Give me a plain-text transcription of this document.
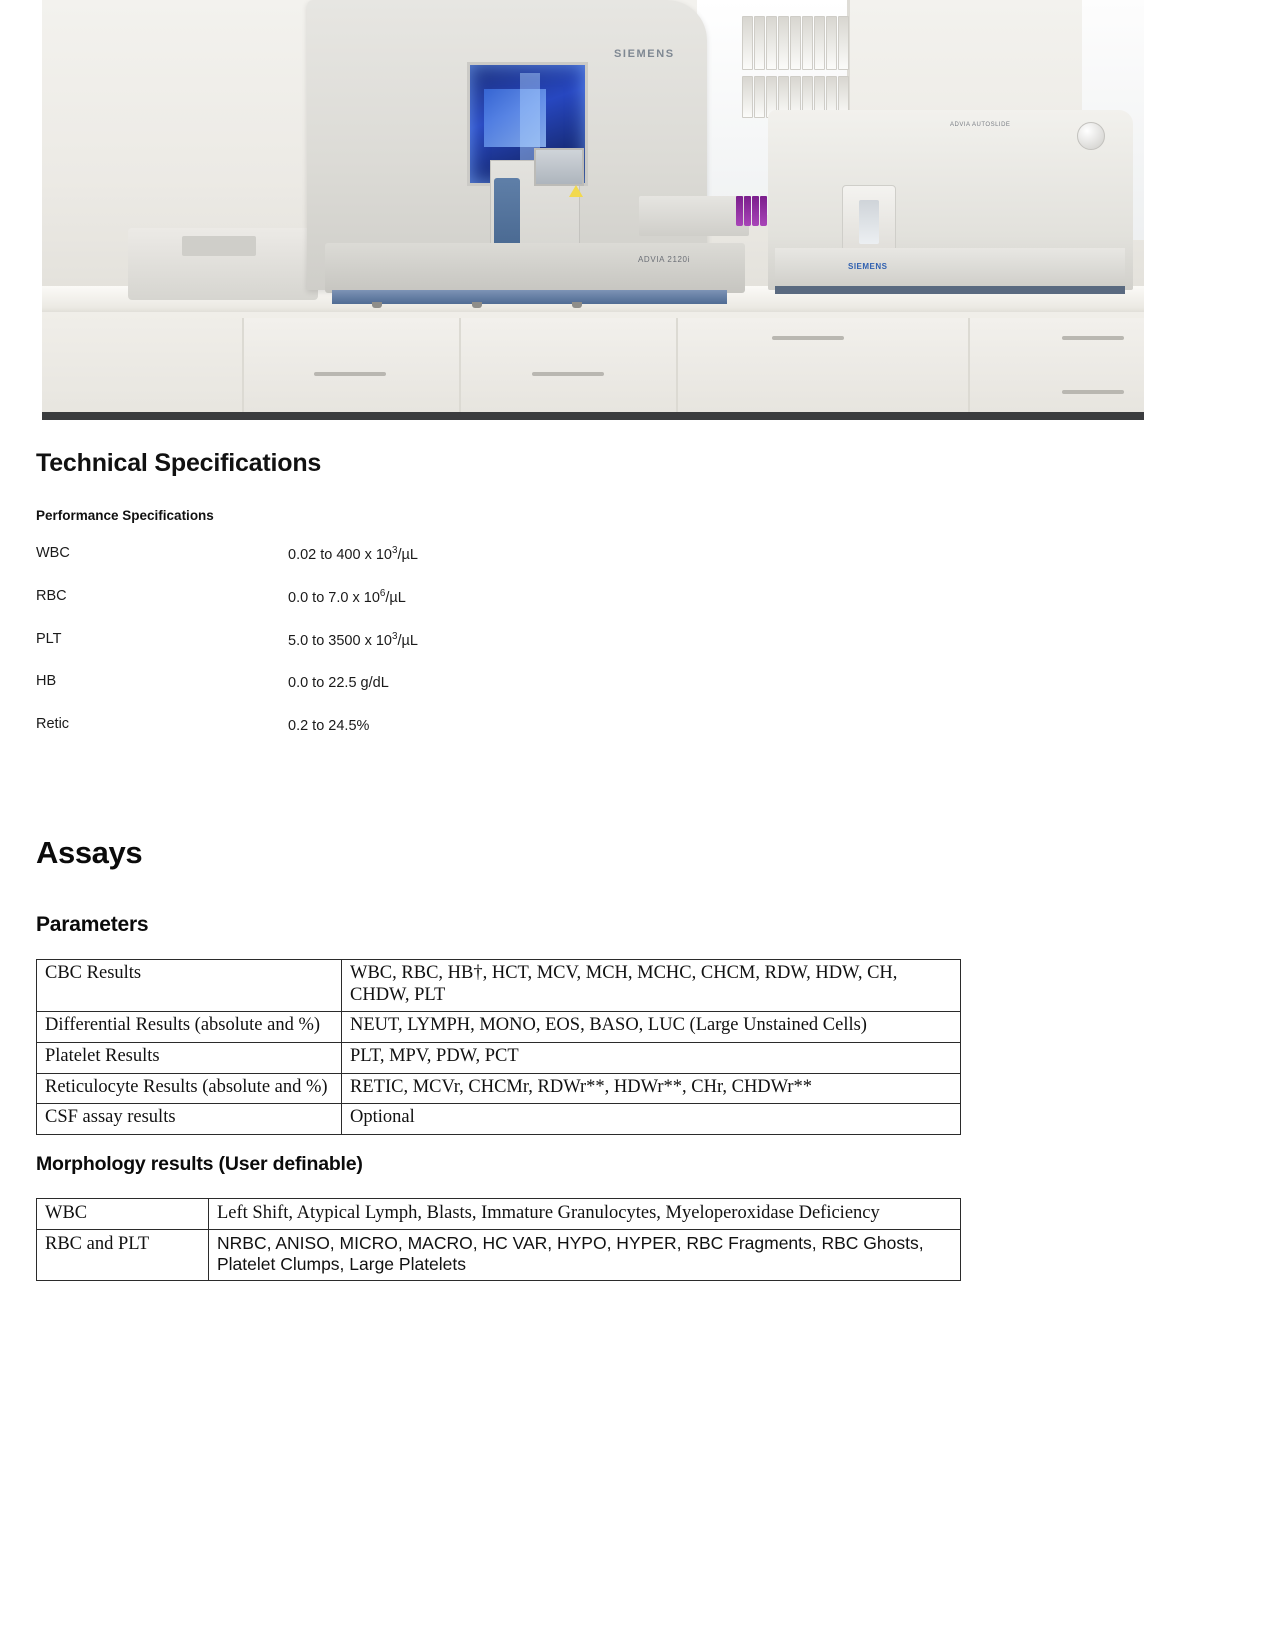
SIEMENS
ADVIA 2120i
ADVIA AUTOSLIDE
SIEMENS
Technical Specifications
Performance Specifications
WBC	0.02 to 400 x $10^3/\mu L$
RBC	0.0 to 7.0 x $10^6/\mu L$
PLT	5.0 to 3500 x $10^3/\mu L$
HB	0.0 to 22.5 g/dL
Retic	0.2 to 24.5%
Assays
Parameters
CBC Results	WBC, RBC, HB†, HCT, MCV, MCH, MCHC, CHCM, RDW, HDW, CH, CHDW, PLT
Differential Results (absolute and %)	NEUT, LYMPH, MONO, EOS, BASO, LUC (Large Unstained Cells)
Platelet Results	PLT, MPV, PDW, PCT
Reticulocyte Results (absolute and %)	RETIC, MCVr, CHCMr, RDWr**, HDWr**, CHr, CHDWr**
CSF assay results	Optional
Morphology results (User definable)
WBC	Left Shift, Atypical Lymph, Blasts, Immature Granulocytes, Myeloperoxidase Deficiency
RBC and PLT	NRBC, ANISO, MICRO, MACRO, HC VAR, HYPO, HYPER, RBC Fragments, RBC Ghosts, Platelet Clumps, Large Platelets
